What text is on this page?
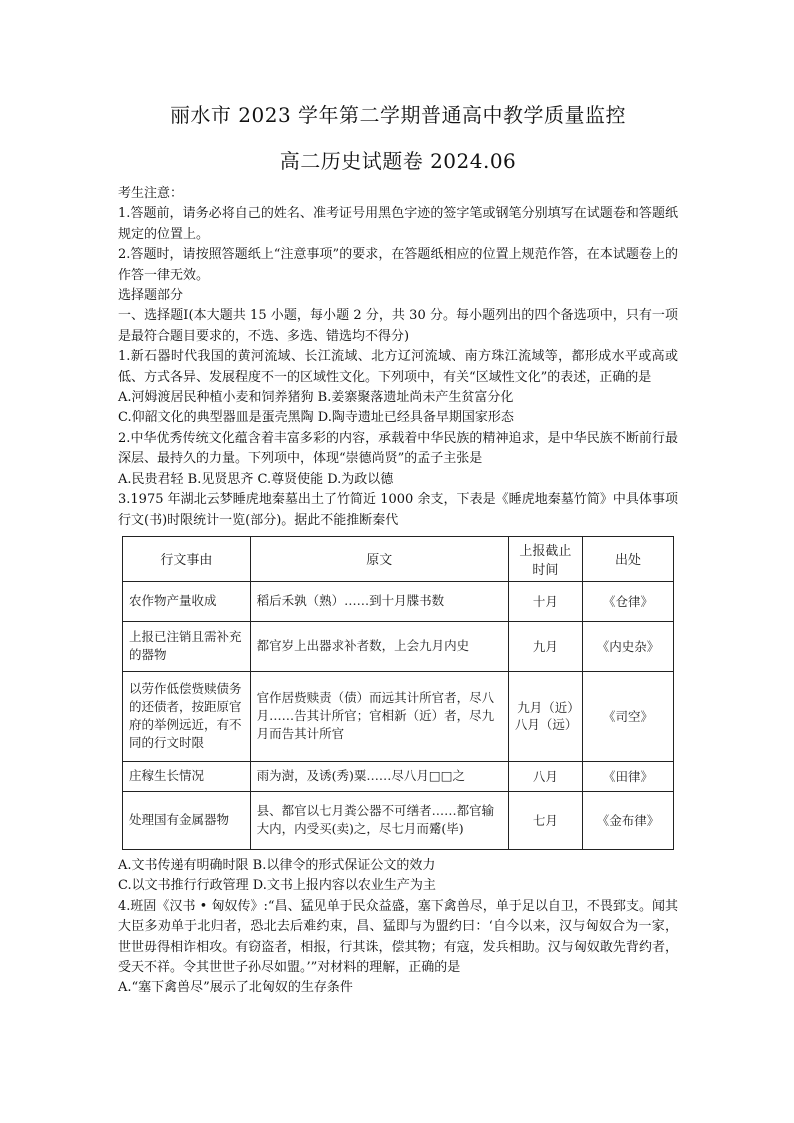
丽水市 2023 学年第二学期普通高中教学质量监控
高二历史试题卷 2024.06

考生注意：

1.答题前，请务必将自己的姓名、准考证号用黑色字迹的签字笔或钢笔分别填写在试题卷和答题纸规定的位置上。

2.答题时，请按照答题纸上“注意事项”的要求，在答题纸相应的位置上规范作答，在本试题卷上的作答一律无效。

选择题部分

一、选择题Ⅰ(本大题共 15 小题，每小题 2 分，共 30 分。每小题列出的四个备选项中，只有一项是最符合题目要求的，不选、多选、错选均不得分)

1.新石器时代我国的黄河流域、长江流域、北方辽河流域、南方珠江流域等，都形成水平或高或低、方式各异、发展程度不一的区域性文化。下列项中，有关“区域性文化”的表述，正确的是

A.河姆渡居民种植小麦和饲养猪狗 B.姜寨聚落遗址尚未产生贫富分化

C.仰韶文化的典型器皿是蛋壳黑陶 D.陶寺遗址已经具备早期国家形态

2.中华优秀传统文化蕴含着丰富多彩的内容，承载着中华民族的精神追求，是中华民族不断前行最深层、最持久的力量。下列项中，体现“崇德尚贤”的孟子主张是

A.民贵君轻 B.见贤思齐 C.尊贤使能 D.为政以德

3.1975 年湖北云梦睡虎地秦墓出土了竹简近 1000 余支，下表是《睡虎地秦墓竹简》中具体事项行文(书)时限统计一览(部分)。据此不能推断秦代

行文事由	原文	上报截止时间	出处
农作物产量收成	稻后禾孰（熟）……到十月牒书数	十月	《仓律》
上报已注销且需补充的器物	都官岁上出器求补者数，上会九月内史	九月	《内史杂》
以劳作低偿赀赎债务的还债者，按距原官府的举例远近，有不同的行文时限	官作居赀赎责（债）而远其计所官者，尽八月……告其计所官；官相新（近）者，尽九月而告其计所官	九月（近）八月（远）	《司空》
庄稼生长情况	雨为澍，及诱(秀)粟……尽八月□□之	八月	《田律》
处理国有金属器物	县、都官以七月粪公器不可缮者……都官输大内，内受买(卖)之，尽七月而觱(毕)	七月	《金布律》

A.文书传递有明确时限 B.以律令的形式保证公文的效力

C.以文书推行行政管理 D.文书上报内容以农业生产为主

4.班固《汉书 • 匈奴传》:“昌、猛见单于民众益盛，塞下禽兽尽，单于足以自卫，不畏郅支。闻其大臣多劝单于北归者，恐北去后难约束，昌、猛即与为盟约曰：‘自今以来，汉与匈奴合为一家，世世毋得相诈相攻。有窃盗者，相报，行其诛，偿其物；有寇，发兵相助。汉与匈奴敢先背约者，受天不祥。令其世世子孙尽如盟。’”对材料的理解，正确的是

A.“塞下禽兽尽”展示了北匈奴的生存条件
